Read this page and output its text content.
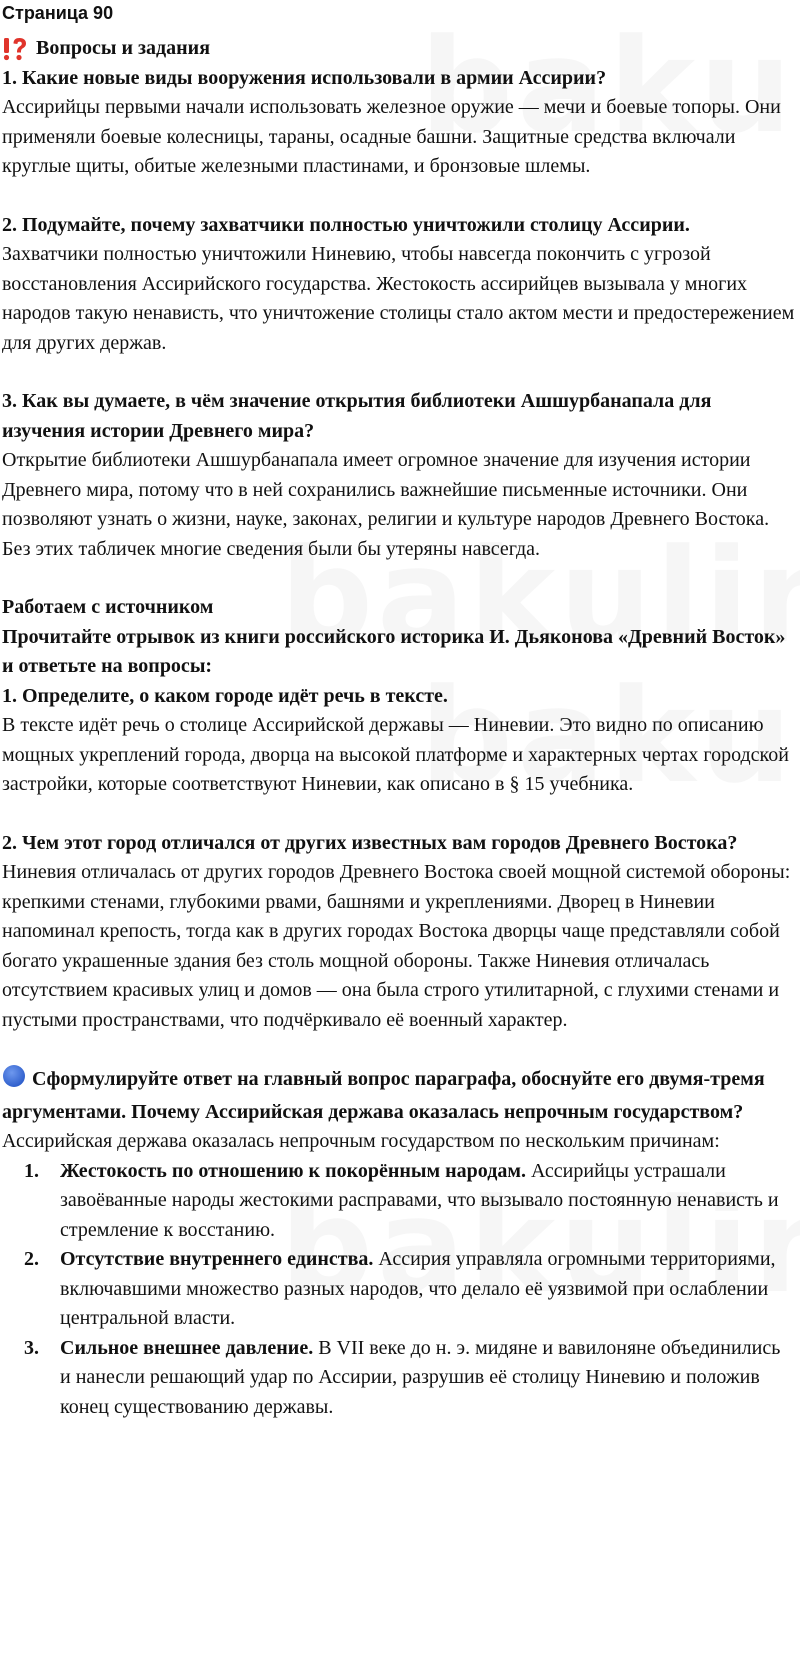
Страница 90
Вопросы и задания

1. Какие новые виды вооружения использовали в армии Ассирии?

Ассирийцы первыми начали использовать железное оружие — мечи и боевые топоры. Они применяли боевые колесницы, тараны, осадные башни. Защитные средства включали круглые щиты, обитые железными пластинами, и бронзовые шлемы.

2. Подумайте, почему захватчики полностью уничтожили столицу Ассирии.

Захватчики полностью уничтожили Ниневию, чтобы навсегда покончить с угрозой восстановления Ассирийского государства. Жестокость ассирийцев вызывала у многих народов такую ненависть, что уничтожение столицы стало актом мести и предостережением для других держав.

3. Как вы думаете, в чём значение открытия библиотеки Ашшурбанапала для изучения истории Древнего мира?

Открытие библиотеки Ашшурбанапала имеет огромное значение для изучения истории Древнего мира, потому что в ней сохранились важнейшие письменные источники. Они позволяют узнать о жизни, науке, законах, религии и культуре народов Древнего Востока. Без этих табличек многие сведения были бы утеряны навсегда.

Работаем с источником

Прочитайте отрывок из книги российского историка И. Дьяконова «Древний Восток» и ответьте на вопросы:

1. Определите, о каком городе идёт речь в тексте.

В тексте идёт речь о столице Ассирийской державы — Ниневии. Это видно по описанию мощных укреплений города, дворца на высокой платформе и характерных чертах городской застройки, которые соответствуют Ниневии, как описано в § 15 учебника.

2. Чем этот город отличался от других известных вам городов Древнего Востока?

Ниневия отличалась от других городов Древнего Востока своей мощной системой обороны: крепкими стенами, глубокими рвами, башнями и укреплениями. Дворец в Ниневии напоминал крепость, тогда как в других городах Востока дворцы чаще представляли собой богато украшенные здания без столь мощной обороны. Также Ниневия отличалась отсутствием красивых улиц и домов — она была строго утилитарной, с глухими стенами и пустыми пространствами, что подчёркивало её военный характер.

Сформулируйте ответ на главный вопрос параграфа, обоснуйте его двумя-тремя аргументами. Почему Ассирийская держава оказалась непрочным государством?

Ассирийская держава оказалась непрочным государством по нескольким причинам:

1.	Жестокость по отношению к покорённым народам. Ассирийцы устрашали завоёванные народы жестокими расправами, что вызывало постоянную ненависть и стремление к восстанию.
2.	Отсутствие внутреннего единства. Ассирия управляла огромными территориями, включавшими множество разных народов, что делало её уязвимой при ослаблении центральной власти.
3.	Сильное внешнее давление. В VII веке до н. э. мидяне и вавилоняне объединились и нанесли решающий удар по Ассирии, разрушив её столицу Ниневию и положив конец существованию державы.
